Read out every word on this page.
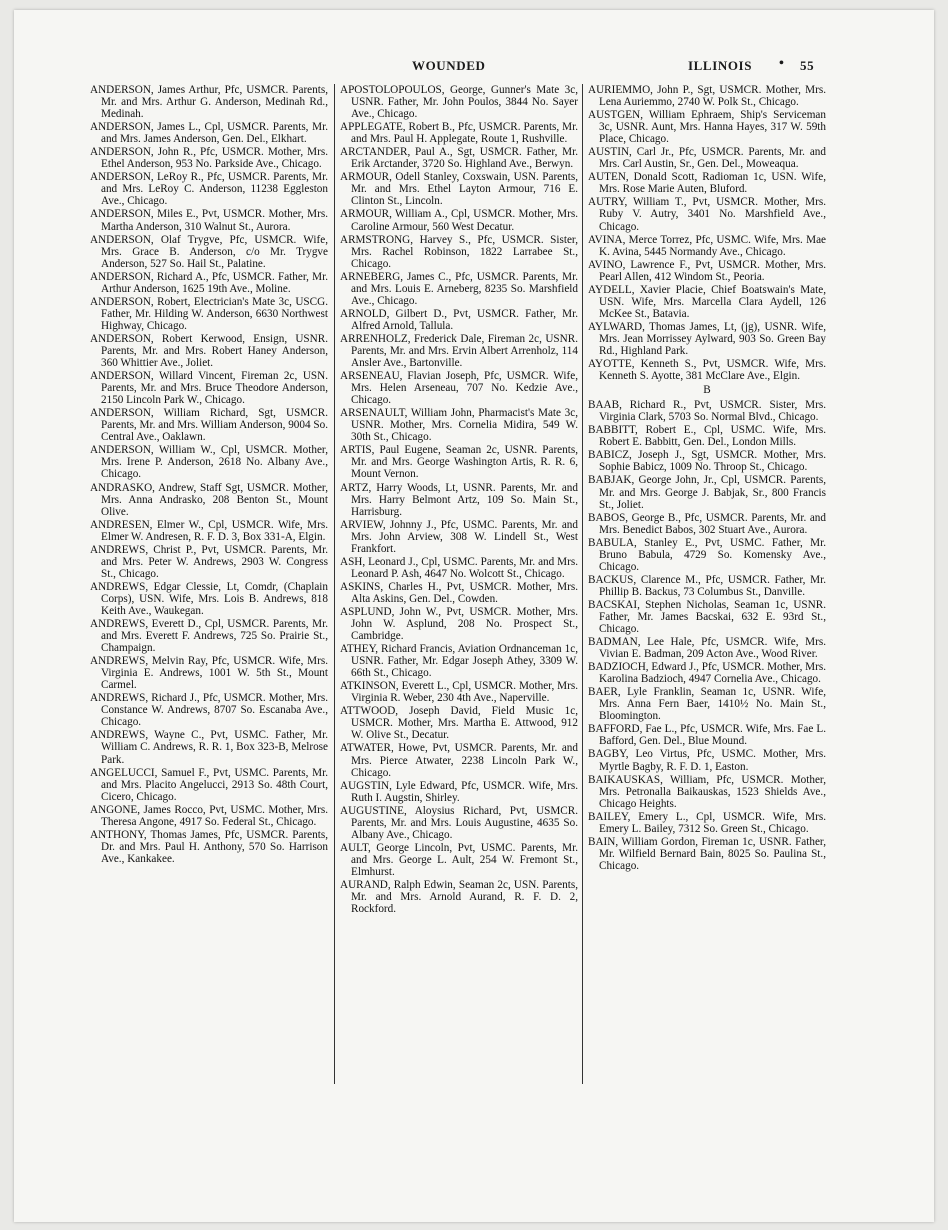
WOUNDED	ILLINOIS • 55
ANDERSON, James Arthur, Pfc, USMCR. Parents, Mr. and Mrs. Arthur G. Anderson, Medinah Rd., Medinah.
ANDERSON, James L., Cpl, USMCR. Parents, Mr. and Mrs. James Anderson, Gen. Del., Elkhart.
ANDERSON, John R., Pfc, USMCR. Mother, Mrs. Ethel Anderson, 953 No. Parkside Ave., Chicago.
ANDERSON, LeRoy R., Pfc, USMCR. Parents, Mr. and Mrs. LeRoy C. Anderson, 11238 Eggleston Ave., Chicago.
ANDERSON, Miles E., Pvt, USMCR. Mother, Mrs. Martha Anderson, 310 Walnut St., Aurora.
ANDERSON, Olaf Trygve, Pfc, USMCR. Wife, Mrs. Grace B. Anderson, c/o Mr. Trygve Anderson, 527 So. Hail St., Palatine.
ANDERSON, Richard A., Pfc, USMCR. Father, Mr. Arthur Anderson, 1625 19th Ave., Moline.
ANDERSON, Robert, Electrician's Mate 3c, USCG. Father, Mr. Hilding W. Anderson, 6630 Northwest Highway, Chicago.
ANDERSON, Robert Kerwood, Ensign, USNR. Parents, Mr. and Mrs. Robert Haney Anderson, 360 Whittier Ave., Joliet.
ANDERSON, Willard Vincent, Fireman 2c, USN. Parents, Mr. and Mrs. Bruce Theodore Anderson, 2150 Lincoln Park W., Chicago.
ANDERSON, William Richard, Sgt, USMCR. Parents, Mr. and Mrs. William Anderson, 9004 So. Central Ave., Oaklawn.
ANDERSON, William W., Cpl, USMCR. Mother, Mrs. Irene P. Anderson, 2618 No. Albany Ave., Chicago.
ANDRASKO, Andrew, Staff Sgt, USMCR. Mother, Mrs. Anna Andrasko, 208 Benton St., Mount Olive.
ANDRESEN, Elmer W., Cpl, USMCR. Wife, Mrs. Elmer W. Andresen, R. F. D. 3, Box 331-A, Elgin.
ANDREWS, Christ P., Pvt, USMCR. Parents, Mr. and Mrs. Peter W. Andrews, 2903 W. Congress St., Chicago.
ANDREWS, Edgar Clessie, Lt, Comdr, (Chaplain Corps), USN. Wife, Mrs. Lois B. Andrews, 818 Keith Ave., Waukegan.
ANDREWS, Everett D., Cpl, USMCR. Parents, Mr. and Mrs. Everett F. Andrews, 725 So. Prairie St., Champaign.
ANDREWS, Melvin Ray, Pfc, USMCR. Wife, Mrs. Virginia E. Andrews, 1001 W. 5th St., Mount Carmel.
ANDREWS, Richard J., Pfc, USMCR. Mother, Mrs. Constance W. Andrews, 8707 So. Escanaba Ave., Chicago.
ANDREWS, Wayne C., Pvt, USMC. Father, Mr. William C. Andrews, R. R. 1, Box 323-B, Melrose Park.
ANGELUCCI, Samuel F., Pvt, USMC. Parents, Mr. and Mrs. Placito Angelucci, 2913 So. 48th Court, Cicero, Chicago.
ANGONE, James Rocco, Pvt, USMC. Mother, Mrs. Theresa Angone, 4917 So. Federal St., Chicago.
ANTHONY, Thomas James, Pfc, USMCR. Parents, Dr. and Mrs. Paul H. Anthony, 570 So. Harrison Ave., Kankakee.
APOSTOLOPOULOS, George, Gunner's Mate 3c, USNR. Father, Mr. John Poulos, 3844 No. Sayer Ave., Chicago.
APPLEGATE, Robert B., Pfc, USMCR. Parents, Mr. and Mrs. Paul H. Applegate, Route 1, Rushville.
ARCTANDER, Paul A., Sgt, USMCR. Father, Mr. Erik Arctander, 3720 So. Highland Ave., Berwyn.
ARMOUR, Odell Stanley, Coxswain, USN. Parents, Mr. and Mrs. Ethel Layton Armour, 716 E. Clinton St., Lincoln.
ARMOUR, William A., Cpl, USMCR. Mother, Mrs. Caroline Armour, 560 West Decatur.
ARMSTRONG, Harvey S., Pfc, USMCR. Sister, Mrs. Rachel Robinson, 1822 Larrabee St., Chicago.
ARNEBERG, James C., Pfc, USMCR. Parents, Mr. and Mrs. Louis E. Arneberg, 8235 So. Marshfield Ave., Chicago.
ARNOLD, Gilbert D., Pvt, USMCR. Father, Mr. Alfred Arnold, Tallula.
ARRENHOLZ, Frederick Dale, Fireman 2c, USNR. Parents, Mr. and Mrs. Ervin Albert Arrenholz, 114 Ansler Ave., Bartonville.
ARSENEAU, Flavian Joseph, Pfc, USMCR. Wife, Mrs. Helen Arseneau, 707 No. Kedzie Ave., Chicago.
ARSENAULT, William John, Pharmacist's Mate 3c, USNR. Mother, Mrs. Cornelia Midira, 549 W. 30th St., Chicago.
ARTIS, Paul Eugene, Seaman 2c, USNR. Parents, Mr. and Mrs. George Washington Artis, R. R. 6, Mount Vernon.
ARTZ, Harry Woods, Lt, USNR. Parents, Mr. and Mrs. Harry Belmont Artz, 109 So. Main St., Harrisburg.
ARVIEW, Johnny J., Pfc, USMC. Parents, Mr. and Mrs. John Arview, 308 W. Lindell St., West Frankfort.
ASH, Leonard J., Cpl, USMC. Parents, Mr. and Mrs. Leonard P. Ash, 4647 No. Wolcott St., Chicago.
ASKINS, Charles H., Pvt, USMCR. Mother, Mrs. Alta Askins, Gen. Del., Cowden.
ASPLUND, John W., Pvt, USMCR. Mother, Mrs. John W. Asplund, 208 No. Prospect St., Cambridge.
ATHEY, Richard Francis, Aviation Ordnanceman 1c, USNR. Father, Mr. Edgar Joseph Athey, 3309 W. 66th St., Chicago.
ATKINSON, Everett L., Cpl, USMCR. Mother, Mrs. Virginia R. Weber, 230 4th Ave., Naperville.
ATTWOOD, Joseph David, Field Music 1c, USMCR. Mother, Mrs. Martha E. Attwood, 912 W. Olive St., Decatur.
ATWATER, Howe, Pvt, USMCR. Parents, Mr. and Mrs. Pierce Atwater, 2238 Lincoln Park W., Chicago.
AUGSTIN, Lyle Edward, Pfc, USMCR. Wife, Mrs. Ruth I. Augstin, Shirley.
AUGUSTINE, Aloysius Richard, Pvt, USMCR. Parents, Mr. and Mrs. Louis Augustine, 4635 So. Albany Ave., Chicago.
AULT, George Lincoln, Pvt, USMC. Parents, Mr. and Mrs. George L. Ault, 254 W. Fremont St., Elmhurst.
AURAND, Ralph Edwin, Seaman 2c, USN. Parents, Mr. and Mrs. Arnold Aurand, R. F. D. 2, Rockford.
AURIEMMO, John P., Sgt, USMCR. Mother, Mrs. Lena Auriemmo, 2740 W. Polk St., Chicago.
AUSTGEN, William Ephraem, Ship's Serviceman 3c, USNR. Aunt, Mrs. Hanna Hayes, 317 W. 59th Place, Chicago.
AUSTIN, Carl Jr., Pfc, USMCR. Parents, Mr. and Mrs. Carl Austin, Sr., Gen. Del., Moweaqua.
AUTEN, Donald Scott, Radioman 1c, USN. Wife, Mrs. Rose Marie Auten, Bluford.
AUTRY, William T., Pvt, USMCR. Mother, Mrs. Ruby V. Autry, 3401 No. Marshfield Ave., Chicago.
AVINA, Merce Torrez, Pfc, USMC. Wife, Mrs. Mae K. Avina, 5445 Normandy Ave., Chicago.
AVINO, Lawrence F., Pvt, USMCR. Mother, Mrs. Pearl Allen, 412 Windom St., Peoria.
AYDELL, Xavier Placie, Chief Boatswain's Mate, USN. Wife, Mrs. Marcella Clara Aydell, 126 McKee St., Batavia.
AYLWARD, Thomas James, Lt, (jg), USNR. Wife, Mrs. Jean Morrissey Aylward, 903 So. Green Bay Rd., Highland Park.
AYOTTE, Kenneth S., Pvt, USMCR. Wife, Mrs. Kenneth S. Ayotte, 381 McClare Ave., Elgin.
B
BAAB, Richard R., Pvt, USMCR. Sister, Mrs. Virginia Clark, 5703 So. Normal Blvd., Chicago.
BABBITT, Robert E., Cpl, USMC. Wife, Mrs. Robert E. Babbitt, Gen. Del., London Mills.
BABICZ, Joseph J., Sgt, USMCR. Mother, Mrs. Sophie Babicz, 1009 No. Throop St., Chicago.
BABJAK, George John, Jr., Cpl, USMCR. Parents, Mr. and Mrs. George J. Babjak, Sr., 800 Francis St., Joliet.
BABOS, George B., Pfc, USMCR. Parents, Mr. and Mrs. Benedict Babos, 302 Stuart Ave., Aurora.
BABULA, Stanley E., Pvt, USMC. Father, Mr. Bruno Babula, 4729 So. Komensky Ave., Chicago.
BACKUS, Clarence M., Pfc, USMCR. Father, Mr. Phillip B. Backus, 73 Columbus St., Danville.
BACSKAI, Stephen Nicholas, Seaman 1c, USNR. Father, Mr. James Bacskai, 632 E. 93rd St., Chicago.
BADMAN, Lee Hale, Pfc, USMCR. Wife, Mrs. Vivian E. Badman, 209 Acton Ave., Wood River.
BADZIOCH, Edward J., Pfc, USMCR. Mother, Mrs. Karolina Badzioch, 4947 Cornelia Ave., Chicago.
BAER, Lyle Franklin, Seaman 1c, USNR. Wife, Mrs. Anna Fern Baer, 1410½ No. Main St., Bloomington.
BAFFORD, Fae L., Pfc, USMCR. Wife, Mrs. Fae L. Bafford, Gen. Del., Blue Mound.
BAGBY, Leo Virtus, Pfc, USMC. Mother, Mrs. Myrtle Bagby, R. F. D. 1, Easton.
BAIKAUSKAS, William, Pfc, USMCR. Mother, Mrs. Petronalla Baikauskas, 1523 Shields Ave., Chicago Heights.
BAILEY, Emery L., Cpl, USMCR. Wife, Mrs. Emery L. Bailey, 7312 So. Green St., Chicago.
BAIN, William Gordon, Fireman 1c, USNR. Father, Mr. Wilfield Bernard Bain, 8025 So. Paulina St., Chicago.
